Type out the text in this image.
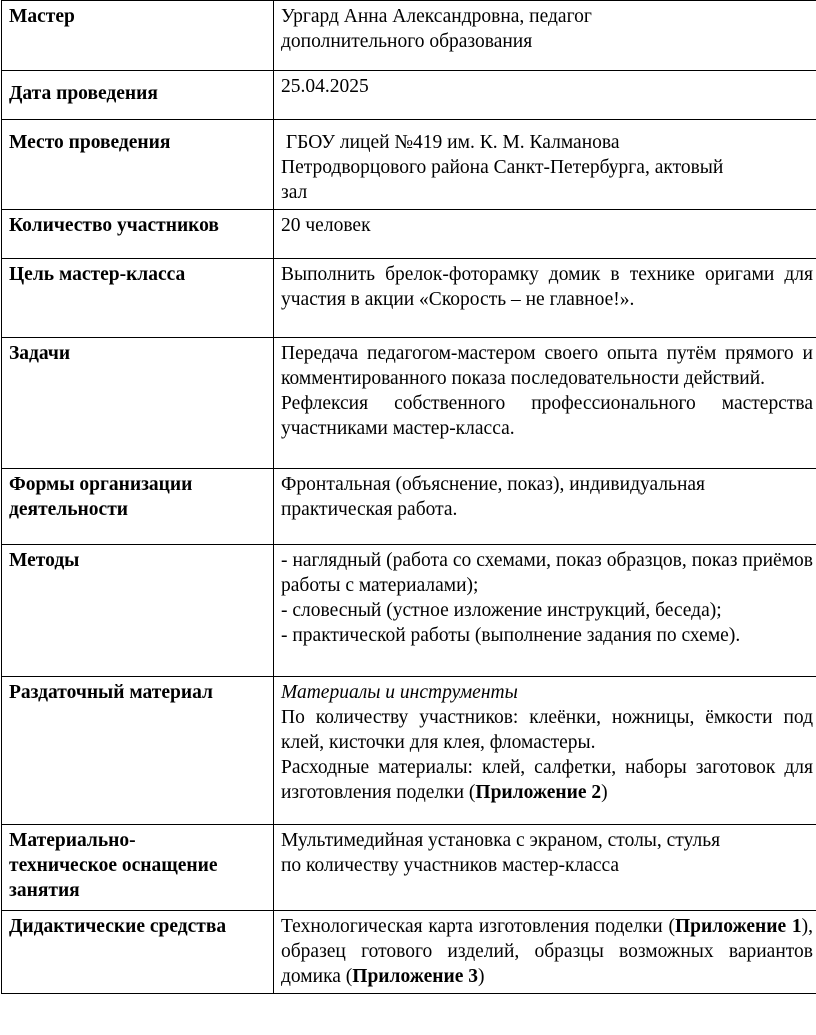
Мастер	Ургард Анна Александровна, педагог
дополнительного образования

Дата проведения	25.04.2025
Место проведения	ГБОУ лицей №419 им. К. М. Калманова
Петродворцового района Санкт-Петербурга, актовый
зал

Количество участников	20 человек
Цель мастер-класса	Выполнить брелок-фоторамку домик в технике оригами для участия в акции «Скорость – не главное!».
Задачи	Передача педагогом-мастером своего опыта путём прямого и комментированного показа последовательности действий.
Рефлексия собственного профессионального мастерства участниками мастер-класса.

Формы организации
деятельности	Фронтальная (объяснение, показ), индивидуальная
практическая работа.

Методы	- наглядный (работа со схемами, показ образцов, показ приёмов работы с материалами);
- словесный (устное изложение инструкций, беседа);
- практической работы (выполнение задания по схеме).

Раздаточный материал	Материалы и инструменты
По количеству участников: клеёнки, ножницы, ёмкости под клей, кисточки для клея, фломастеры.
Расходные материалы: клей, салфетки, наборы заготовок для изготовления поделки (Приложение 2)

Материально-
техническое оснащение
занятия	Мультимедийная установка с экраном, столы, стулья
по количеству участников мастер-класса

Дидактические средства	Технологическая карта изготовления поделки (Приложение 1), образец готового изделий, образцы возможных вариантов домика (Приложение 3)
